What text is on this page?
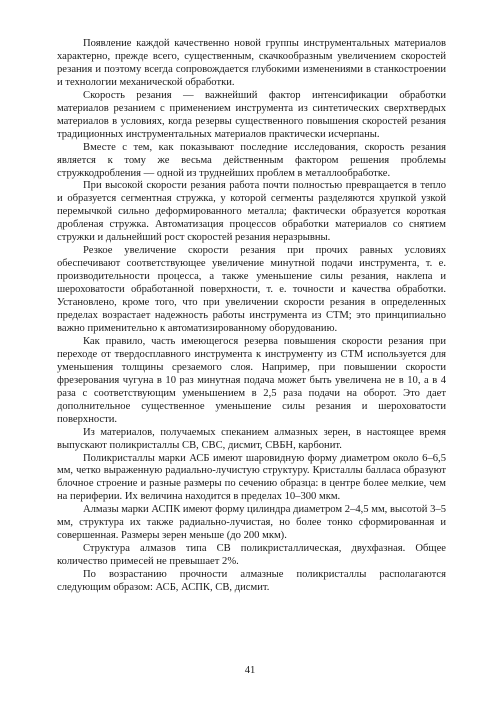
Появление каждой качественно новой группы инструментальных материалов характерно, прежде всего, существенным, скачкообразным увеличением скоростей резания и поэтому всегда сопровождается глубокими изменениями в станкостроении и технологии механической обработки.

Скорость резания — важнейший фактор интенсификации обработки материалов резанием с применением инструмента из синтетических сверхтвердых материалов в условиях, когда резервы существенного повышения скоростей резания традиционных инструментальных материалов практически исчерпаны.

Вместе с тем, как показывают последние исследования, скорость резания является к тому же весьма действенным фактором решения проблемы стружкодробления — одной из труднейших проблем в металлообработке.

При высокой скорости резания работа почти полностью превращается в тепло и образуется сегментная стружка, у которой сегменты разделяются хрупкой узкой перемычкой сильно деформированного металла; фактически образуется короткая дробленая стружка. Автоматизация процессов обработки материалов со снятием стружки и дальнейший рост скоростей резания неразрывны.

Резкое увеличение скорости резания при прочих равных условиях обеспечивают соответствующее увеличение минутной подачи инструмента, т. е. производительности процесса, а также уменьшение силы резания, наклепа и шероховатости обработанной поверхности, т. е. точности и качества обработки. Установлено, кроме того, что при увеличении скорости резания в определенных пределах возрастает надежность работы инструмента из СТМ; это принципиально важно применительно к автоматизированному оборудованию.

Как правило, часть имеющегося резерва повышения скорости резания при переходе от твердосплавного инструмента к инструменту из СТМ используется для уменьшения толщины срезаемого слоя. Например, при повышении скорости фрезерования чугуна в 10 раз минутная подача может быть увеличена не в 10, а в 4 раза с соответствующим уменьшением в 2,5 раза подачи на оборот. Это дает дополнительное существенное уменьшение силы резания и шероховатости поверхности.

Из материалов, получаемых спеканием алмазных зерен, в настоящее время выпускают поликристаллы СВ, СВС, дисмит, СВБН, карбонит.

Поликристаллы марки АСБ имеют шаровидную форму диаметром около 6–6,5 мм, четко выраженную радиально-лучистую структуру. Кристаллы балласа образуют блочное строение и разные размеры по сечению образца: в центре более мелкие, чем на периферии. Их величина находится в пределах 10–300 мкм.

Алмазы марки АСПК имеют форму цилиндра диаметром 2–4,5 мм, высотой 3–5 мм, структура их также радиально-лучистая, но более тонко сформированная и совершенная. Размеры зерен меньше (до 200 мкм).

Структура алмазов типа СВ поликристаллическая, двухфазная. Общее количество примесей не превышает 2%.

По возрастанию прочности алмазные поликристаллы располагаются следующим образом: АСБ, АСПК, СВ, дисмит.

41
